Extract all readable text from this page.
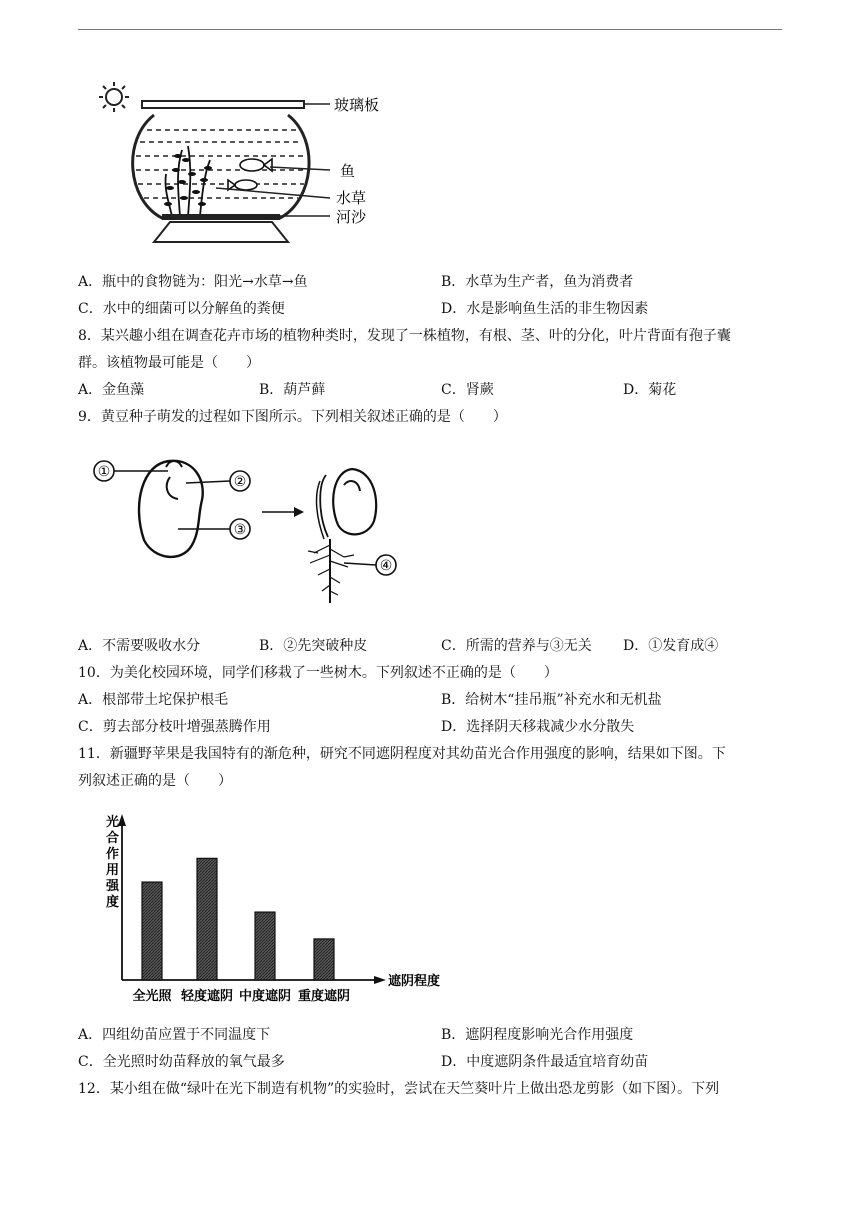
玻璃板
鱼
水草
河沙
A．瓶中的食物链为：阳光→水草→鱼	B．水草为生产者，鱼为消费者
C．水中的细菌可以分解鱼的粪便	D．水是影响鱼生活的非生物因素
8．某兴趣小组在调查花卉市场的植物种类时，发现了一株植物，有根、茎、叶的分化，叶片背面有孢子囊
群。该植物最可能是（　　）
A．金鱼藻	B．葫芦藓	C．肾蕨	D．菊花
9．黄豆种子萌发的过程如下图所示。下列相关叙述正确的是（　　）
①
②
③
④
A．不需要吸收水分	B．②先突破种皮	C．所需的营养与③无关 D．①发育成④
10．为美化校园环境，同学们移栽了一些树木。下列叙述不正确的是（　　）
A．根部带土坨保护根毛	B．给树木“挂吊瓶”补充水和无机盐
C．剪去部分枝叶增强蒸腾作用	D．选择阴天移栽减少水分散失
11．新疆野苹果是我国特有的渐危种，研究不同遮阴程度对其幼苗光合作用强度的影响，结果如下图。下
列叙述正确的是（　　）
光合作用强度
遮阴程度
全光照 轻度遮阴 中度遮阴 重度遮阴
A．四组幼苗应置于不同温度下	B．遮阴程度影响光合作用强度
C．全光照时幼苗释放的氧气最多	D．中度遮阴条件最适宜培育幼苗
12．某小组在做“绿叶在光下制造有机物”的实验时，尝试在天竺葵叶片上做出恐龙剪影（如下图）。下列
